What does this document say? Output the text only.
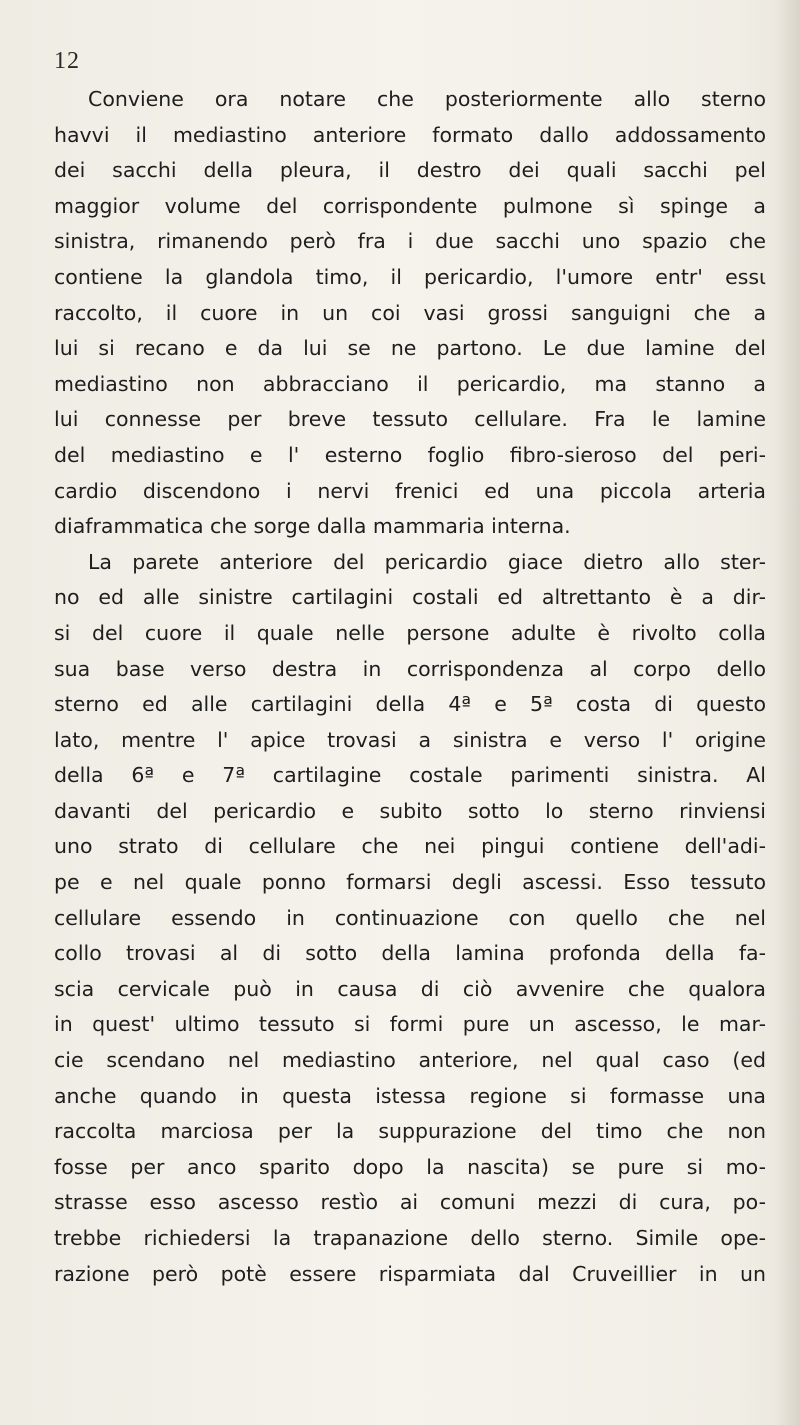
12
Conviene ora notare che posteriormente allo sterno
havvi il mediastino anteriore formato dallo addossamento
dei sacchi della pleura, il destro dei quali sacchi pel
maggior volume del corrispondente pulmone sì spinge a
sinistra, rimanendo però fra i due sacchi uno spazio che
contiene la glandola timo, il pericardio, l'umore entr' essι
raccolto, il cuore in un coi vasi grossi sanguigni che a
lui si recano e da lui se ne partono. Le due lamine del
mediastino non abbracciano il pericardio, ma stanno a
lui connesse per breve tessuto cellulare. Fra le lamine
del mediastino e l' esterno foglio fibro-sieroso del peri-
cardio discendono i nervi frenici ed una piccola arteria
diaframmatica che sorge dalla mammaria interna.
La parete anteriore del pericardio giace dietro allo ster-
no ed alle sinistre cartilagini costali ed altrettanto è a dir-
si del cuore il quale nelle persone adulte è rivolto colla
sua base verso destra in corrispondenza al corpo dello
sterno ed alle cartilagini della 4ª e 5ª costa di questo
lato, mentre l' apice trovasi a sinistra e verso l' origine
della 6ª e 7ª cartilagine costale parimenti sinistra. Al
davanti del pericardio e subito sotto lo sterno rinviensi
uno strato di cellulare che nei pingui contiene dell'adi-
pe e nel quale ponno formarsi degli ascessi. Esso tessuto
cellulare essendo in continuazione con quello che nel
collo trovasi al di sotto della lamina profonda della fa-
scia cervicale può in causa di ciò avvenire che qualora
in quest' ultimo tessuto si formi pure un ascesso, le mar-
cie scendano nel mediastino anteriore, nel qual caso (ed
anche quando in questa istessa regione si formasse una
raccolta marciosa per la suppurazione del timo che non
fosse per anco sparito dopo la nascita) se pure si mo-
strasse esso ascesso restìo ai comuni mezzi di cura, po-
trebbe richiedersi la trapanazione dello sterno. Simile ope-
razione però potè essere risparmiata dal Cruveillier in un
